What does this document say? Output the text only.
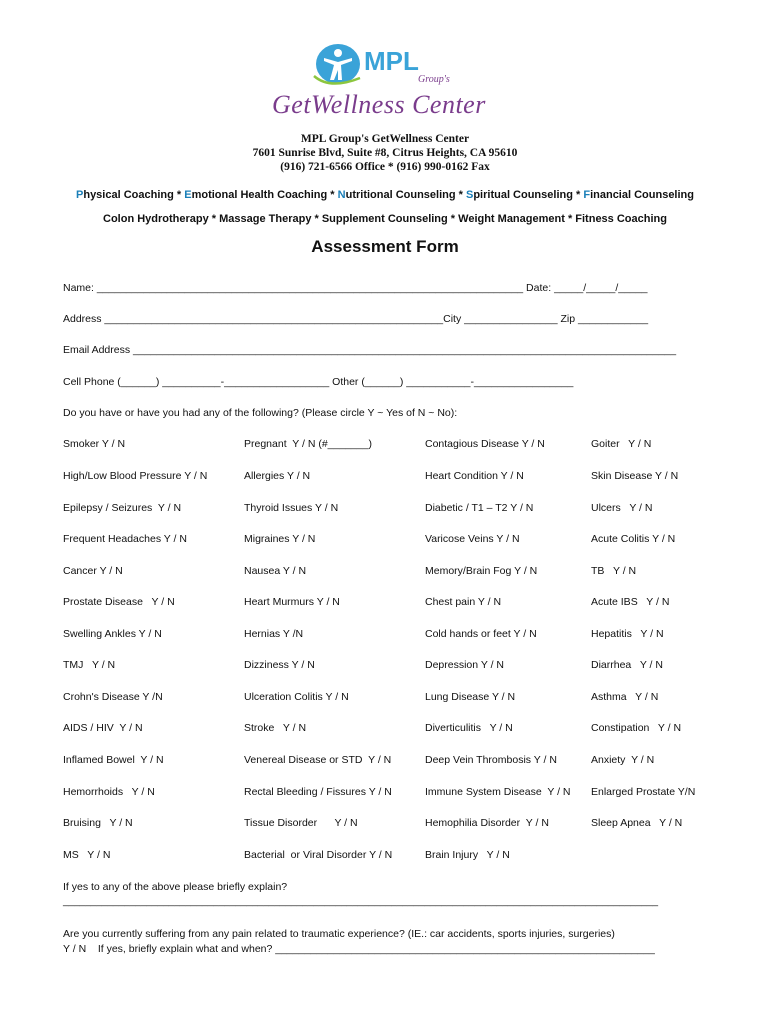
MPL
Group's
GetWellness Center
MPL Group's GetWellness Center
7601 Sunrise Blvd, Suite #8, Citrus Heights, CA 95610
(916) 721-6566 Office * (916) 990-0162 Fax
Physical Coaching * Emotional Health Coaching * Nutritional Counseling * Spiritual Counseling * Financial Counseling
Colon Hydrotherapy * Massage Therapy * Supplement Counseling * Weight Management * Fitness Coaching
Assessment Form
Name: _________________________________________________________________________ Date: _____/_____/_____
Address __________________________________________________________City ________________ Zip ____________
Email Address _____________________________________________________________________________________________
Cell Phone (______) __________-__________________ Other (______) ___________-_________________
Do you have or have you had any of the following? (Please circle Y ~ Yes of N ~ No):
Smoker Y / N	Pregnant  Y / N (#_______)	Contagious Disease Y / N	Goiter   Y / N
High/Low Blood Pressure Y / N	Allergies Y / N	Heart Condition Y / N	Skin Disease Y / N
Epilepsy / Seizures  Y / N	Thyroid Issues Y / N	Diabetic / T1 – T2 Y / N	Ulcers   Y / N
Frequent Headaches Y / N	Migraines Y / N	Varicose Veins Y / N	Acute Colitis Y / N
Cancer Y / N	Nausea Y / N	Memory/Brain Fog Y / N	TB   Y / N
Prostate Disease   Y / N	Heart Murmurs Y / N	Chest pain Y / N	Acute IBS   Y / N
Swelling Ankles Y / N	Hernias Y /N	Cold hands or feet Y / N	Hepatitis   Y / N
TMJ   Y / N	Dizziness Y / N	Depression Y / N	Diarrhea   Y / N
Crohn's Disease Y /N	Ulceration Colitis Y / N	Lung Disease Y / N	Asthma   Y / N
AIDS / HIV  Y / N	Stroke   Y / N	Diverticulitis   Y / N	Constipation   Y / N
Inflamed Bowel  Y / N	Venereal Disease or STD  Y / N	Deep Vein Thrombosis Y / N	Anxiety  Y / N
Hemorrhoids   Y / N	Rectal Bleeding / Fissures Y / N	Immune System Disease  Y / N Enlarged Prostate Y/N
Bruising   Y / N	Tissue Disorder      Y / N	Hemophilia Disorder  Y / N	Sleep Apnea   Y / N
MS   Y / N	Bacterial  or Viral Disorder Y / N	Brain Injury   Y / N
If yes to any of the above please briefly explain?
___________________________________________________________________________________________________________
Are you currently suffering from any pain related to traumatic experience? (IE.: car accidents, sports injuries, surgeries)
Y / N    If yes, briefly explain what and when? _________________________________________________________________
